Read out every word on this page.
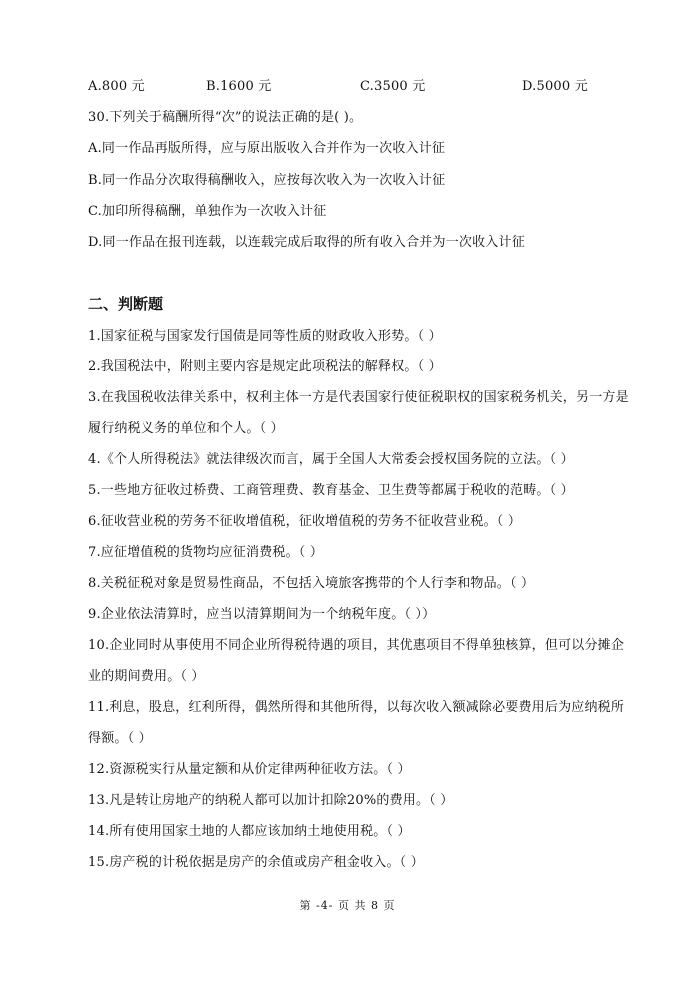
A.800 元	B.1600 元	C.3500 元	D.5000 元
30.下列关于稿酬所得“次”的说法正确的是( )。
A.同一作品再版所得，应与原出版收入合并作为一次收入计征
B.同一作品分次取得稿酬收入，应按每次收入为一次收入计征
C.加印所得稿酬，单独作为一次收入计征
D.同一作品在报刊连载，以连载完成后取得的所有收入合并为一次收入计征
二、判断题
1.国家征税与国家发行国债是同等性质的财政收入形势。（ ）
2.我国税法中，附则主要内容是规定此项税法的解释权。（ ）
3.在我国税收法律关系中，权利主体一方是代表国家行使征税职权的国家税务机关，另一方是
履行纳税义务的单位和个人。（ ）
4.《个人所得税法》就法律级次而言，属于全国人大常委会授权国务院的立法。（ ）
5.一些地方征收过桥费、工商管理费、教育基金、卫生费等都属于税收的范畴。（ ）
6.征收营业税的劳务不征收增值税，征收增值税的劳务不征收营业税。（ ）
7.应征增值税的货物均应征消费税。（ ）
8.关税征税对象是贸易性商品，不包括入境旅客携带的个人行李和物品。（ ）
9.企业依法清算时，应当以清算期间为一个纳税年度。（ ））
10.企业同时从事使用不同企业所得税待遇的项目，其优惠项目不得单独核算，但可以分摊企
业的期间费用。（ ）
11.利息，股息，红利所得，偶然所得和其他所得，以每次收入额减除必要费用后为应纳税所
得额。（ ）
12.资源税实行从量定额和从价定律两种征收方法。（ ）
13.凡是转让房地产的纳税人都可以加计扣除20%的费用。（ ）
14.所有使用国家土地的人都应该加纳土地使用税。（ ）
15.房产税的计税依据是房产的余值或房产租金收入。（ ）
第 -4- 页 共 8 页
